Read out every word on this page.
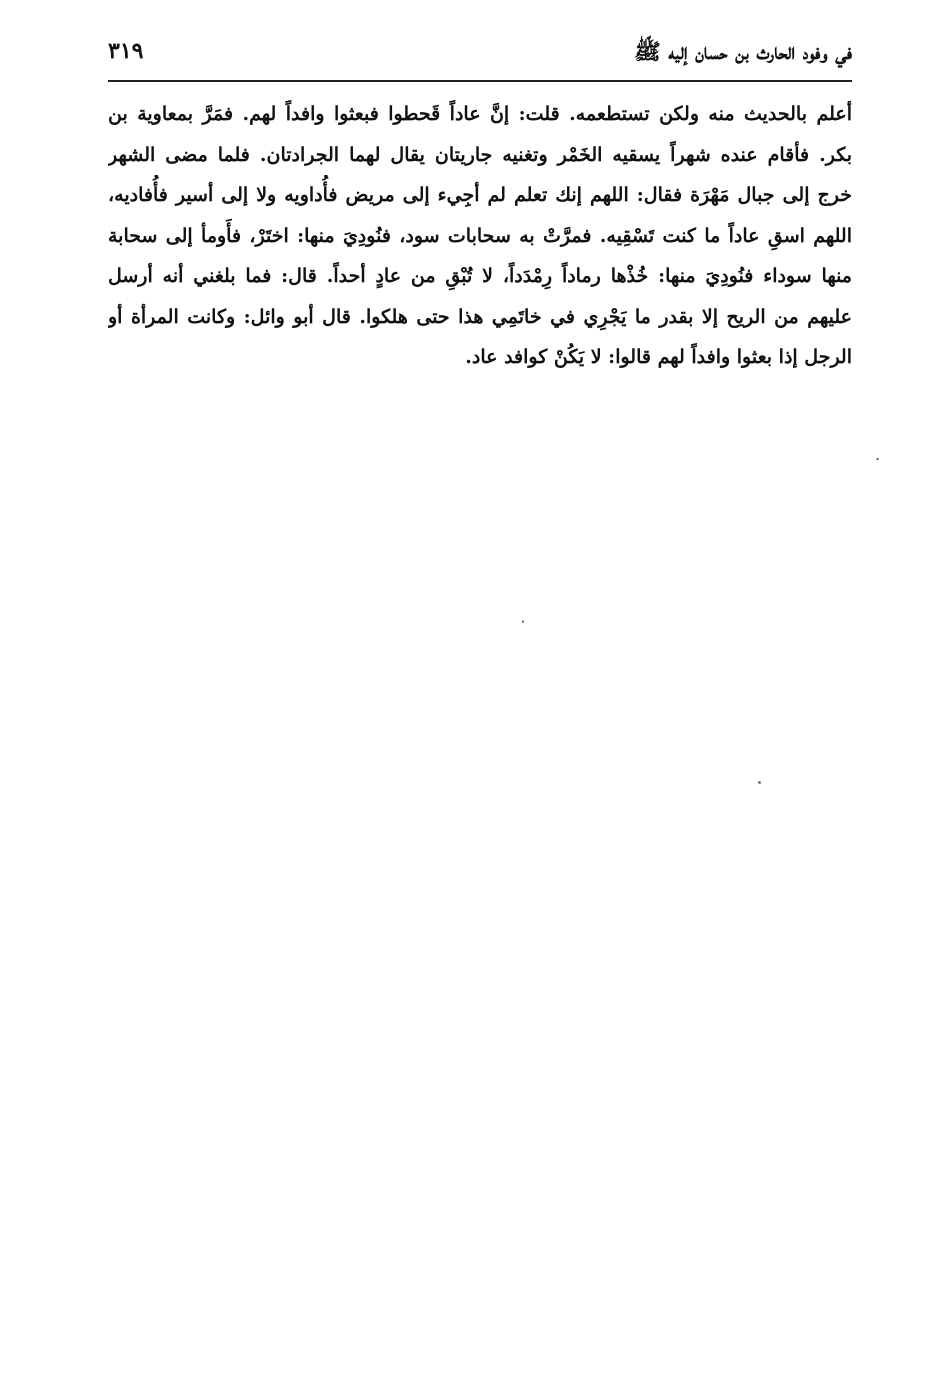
في وفود الحارث بن حسان إليه ﷺ
٣١٩
أعلم بالحديث منه ولكن تستطعمه. قلت: إنَّ عاداً قَحطوا فبعثوا وافداً لهم. فمَرَّ بمعاوية بن
بكر. فأقام عنده شهراً يسقيه الخَمْر وتغنيه جاريتان يقال لهما الجرادتان. فلما مضى الشهر
خرج إلى جبال مَهْرَة فقال: اللهم إنك تعلم لم أجِيء إلى مريض فأُداويه ولا إلى أسير فأُفاديه،
اللهم اسقِ عاداً ما كنت تَسْقِيه. فمرَّتْ به سحابات سود، فنُودِيَ منها: اختَرْ، فأَومأ إلى سحابة
منها سوداء فنُودِيَ منها: خُذْها رماداً رِمْدَداً، لا تُبْقِ من عادٍ أحداً. قال: فما بلغني أنه أرسل
عليهم من الريح إلا بقدر ما يَجْرِي في خاتَمِي هذا حتى هلكوا. قال أبو وائل: وكانت المرأة أو
الرجل إذا بعثوا وافداً لهم قالوا: لا يَكُنْ كوافد عاد.
